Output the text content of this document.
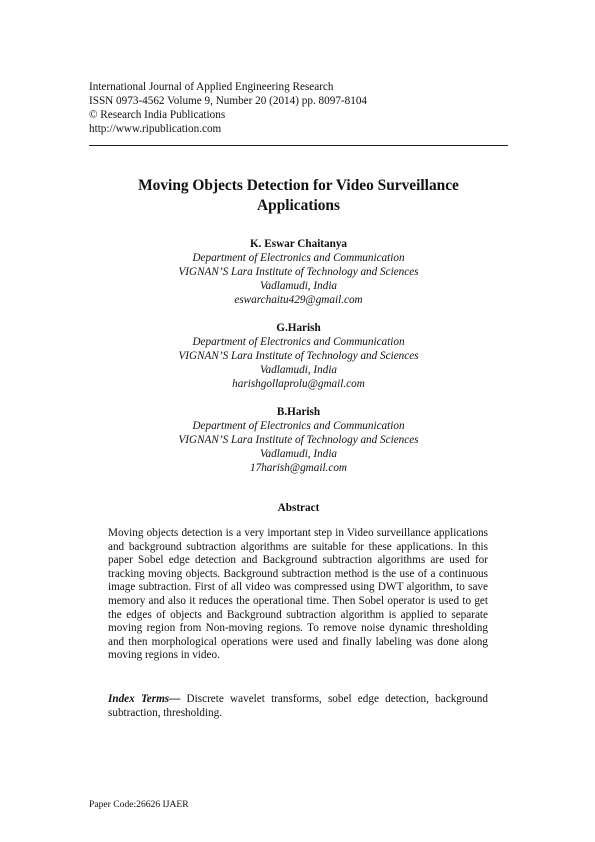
International Journal of Applied Engineering Research
ISSN 0973-4562 Volume 9, Number 20 (2014) pp. 8097-8104
© Research India Publications
http://www.ripublication.com
Moving Objects Detection for Video Surveillance
Applications
K. Eswar Chaitanya
Department of Electronics and Communication
VIGNAN’S Lara Institute of Technology and Sciences
Vadlamudi, India
eswarchaitu429@gmail.com
G.Harish
Department of Electronics and Communication
VIGNAN’S Lara Institute of Technology and Sciences
Vadlamudi, India
harishgollaprolu@gmail.com
B.Harish
Department of Electronics and Communication
VIGNAN’S Lara Institute of Technology and Sciences
Vadlamudi, India
17harish@gmail.com
Abstract
Moving objects detection is a very important step in Video surveillance applications and background subtraction algorithms are suitable for these applications. In this paper Sobel edge detection and Background subtraction algorithms are used for tracking moving objects. Background subtraction method is the use of a continuous image subtraction. First of all video was compressed using DWT algorithm, to save memory and also it reduces the operational time. Then Sobel operator is used to get the edges of objects and Background subtraction algorithm is applied to separate moving region from Non-moving regions. To remove noise dynamic thresholding and then morphological operations were used and finally labeling was done along moving regions in video.
Index Terms— Discrete wavelet transforms, sobel edge detection, background subtraction, thresholding.
Paper Code:26626 IJAER
